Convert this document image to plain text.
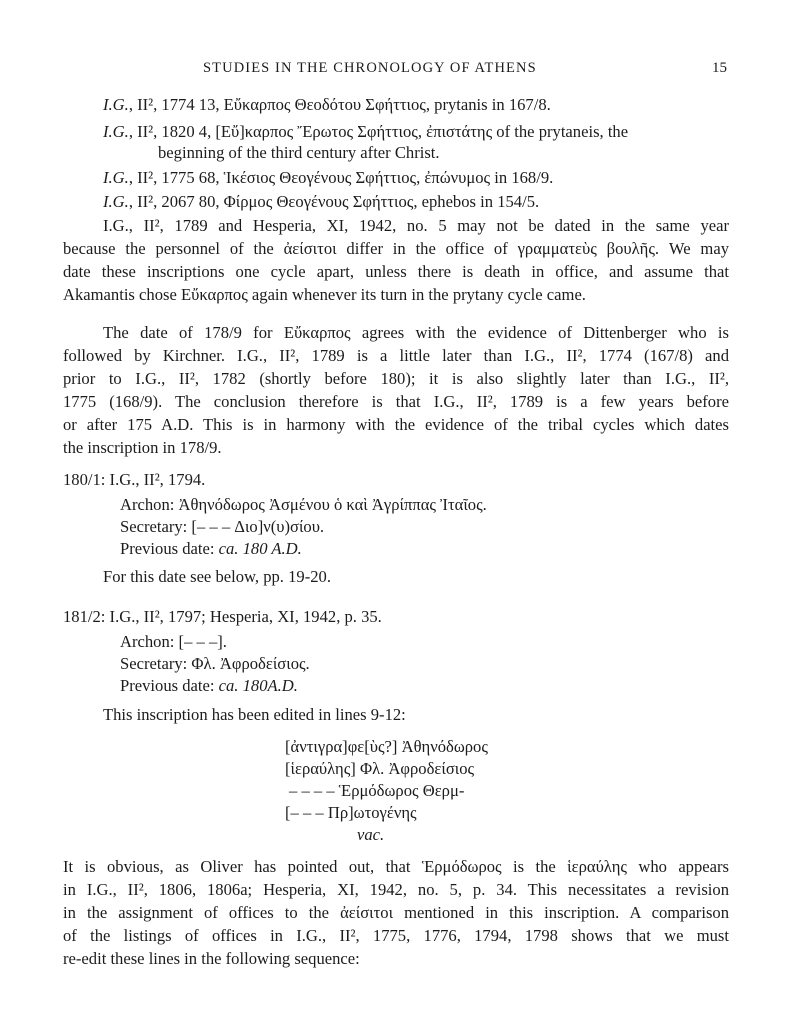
STUDIES IN THE CHRONOLOGY OF ATHENS	15
I.G., II², 1774 13, Εὔκαρπος Θεοδότου Σφήττιος, prytanis in 167/8.
I.G., II², 1820 4, [Εὔ]καρπος Ἔρωτος Σφήττιος, ἐπιστάτης of the prytaneis, the
beginning of the third century after Christ.
I.G., II², 1775 68, Ἱκέσιος Θεογένους Σφήττιος, ἐπώνυμος in 168/9.
I.G., II², 2067 80, Φίρμος Θεογένους Σφήττιος, ephebos in 154/5.
I.G., II², 1789 and Hesperia, XI, 1942, no. 5 may not be dated in the same year
because the personnel of the ἀείσιτοι differ in the office of γραμματεὺς βουλῆς. We may
date these inscriptions one cycle apart, unless there is death in office, and assume that
Akamantis chose Εὔκαρπος again whenever its turn in the prytany cycle came.
The date of 178/9 for Εὔκαρπος agrees with the evidence of Dittenberger who is
followed by Kirchner. I.G., II², 1789 is a little later than I.G., II², 1774 (167/8) and
prior to I.G., II², 1782 (shortly before 180); it is also slightly later than I.G., II²,
1775 (168/9). The conclusion therefore is that I.G., II², 1789 is a few years before
or after 175 A.D. This is in harmony with the evidence of the tribal cycles which dates
the inscription in 178/9.
180/1: I.G., II², 1794.
Archon: Ἀθηνόδωρος Ἀσμένου ὁ καὶ Ἀγρίππας Ἰταῖος.
Secretary: [– – – Διο]ν(υ)σίου.
Previous date: ca. 180 A.D.
For this date see below, pp. 19-20.
181/2: I.G., II², 1797; Hesperia, XI, 1942, p. 35.
Archon: [– – –].
Secretary: Φλ. Ἀφροδείσιος.
Previous date: ca. 180A.D.
This inscription has been edited in lines 9-12:
[ἀντιγρα]φε[ὺς?] Ἀθηνόδωρος
[ἱεραύλης] Φλ. Ἀφροδείσιος
– – – – Ἑρμόδωρος Θερμ-
[– – – Πρ]ωτογένης
vac.
It is obvious, as Oliver has pointed out, that Ἑρμόδωρος is the ἱεραύλης who appears
in I.G., II², 1806, 1806a; Hesperia, XI, 1942, no. 5, p. 34. This necessitates a revision
in the assignment of offices to the ἀείσιτοι mentioned in this inscription. A comparison
of the listings of offices in I.G., II², 1775, 1776, 1794, 1798 shows that we must
re-edit these lines in the following sequence:
